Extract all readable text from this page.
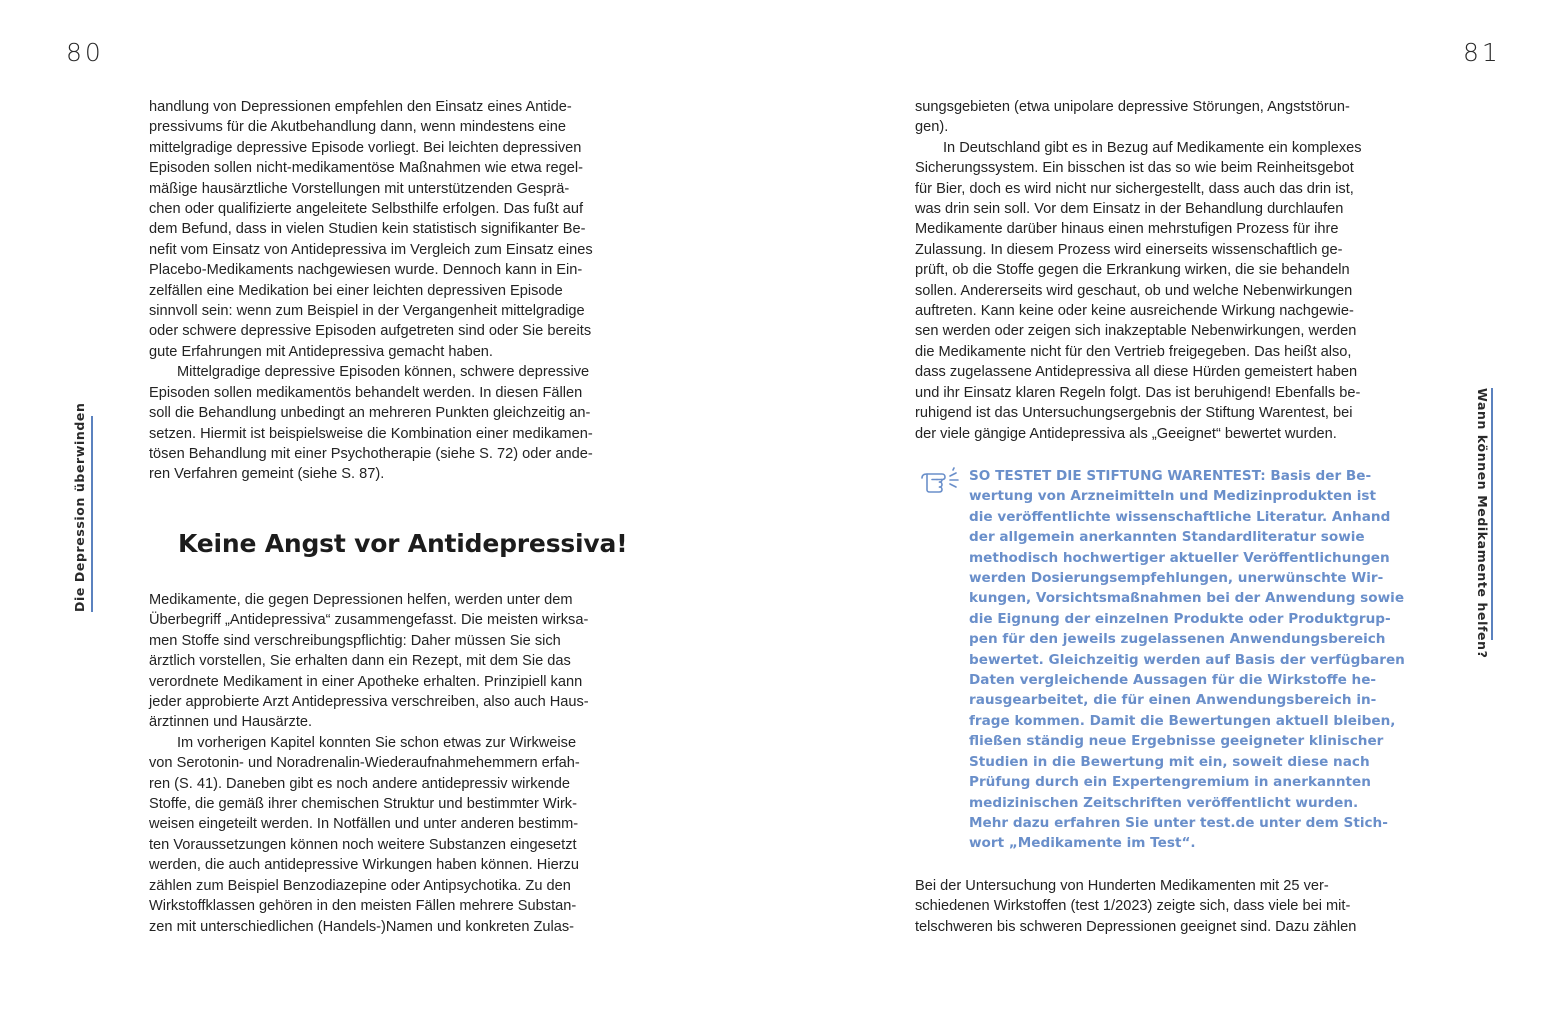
80	81
Die Depression überwinden	Wann können Medikamente helfen?
handlung von Depressionen empfehlen den Einsatz eines Antide-
pressivums für die Akutbehandlung dann, wenn mindestens eine
mittelgradige depressive Episode vorliegt. Bei leichten depressiven
Episoden sollen nicht-medikamentöse Maßnahmen wie etwa regel-
mäßige hausärztliche Vorstellungen mit unterstützenden Gesprä-
chen oder qualifizierte angeleitete Selbsthilfe erfolgen. Das fußt auf
dem Befund, dass in vielen Studien kein statistisch signifikanter Be-
nefit vom Einsatz von Antidepressiva im Vergleich zum Einsatz eines
Placebo-Medikaments nachgewiesen wurde. Dennoch kann in Ein-
zelfällen eine Medikation bei einer leichten depressiven Episode
sinnvoll sein: wenn zum Beispiel in der Vergangenheit mittelgradige
oder schwere depressive Episoden aufgetreten sind oder Sie bereits
gute Erfahrungen mit Antidepressiva gemacht haben.
Mittelgradige depressive Episoden können, schwere depressive
Episoden sollen medikamentös behandelt werden. In diesen Fällen
soll die Behandlung unbedingt an mehreren Punkten gleichzeitig an-
setzen. Hiermit ist beispielsweise die Kombination einer medikamen-
tösen Behandlung mit einer Psychotherapie (siehe S. 72) oder ande-
ren Verfahren gemeint (siehe S. 87).
Keine Angst vor Antidepressiva!
Medikamente, die gegen Depressionen helfen, werden unter dem
Überbegriff „Antidepressiva“ zusammengefasst. Die meisten wirksa-
men Stoffe sind verschreibungspflichtig: Daher müssen Sie sich
ärztlich vorstellen, Sie erhalten dann ein Rezept, mit dem Sie das
verordnete Medikament in einer Apotheke erhalten. Prinzipiell kann
jeder approbierte Arzt Antidepressiva verschreiben, also auch Haus-
ärztinnen und Hausärzte.
Im vorherigen Kapitel konnten Sie schon etwas zur Wirkweise
von Serotonin- und Noradrenalin-Wiederaufnahmehemmern erfah-
ren (S. 41). Daneben gibt es noch andere antidepressiv wirkende
Stoffe, die gemäß ihrer chemischen Struktur und bestimmter Wirk-
weisen eingeteilt werden. In Notfällen und unter anderen bestimm-
ten Voraussetzungen können noch weitere Substanzen eingesetzt
werden, die auch antidepressive Wirkungen haben können. Hierzu
zählen zum Beispiel Benzodiazepine oder Antipsychotika. Zu den
Wirkstoffklassen gehören in den meisten Fällen mehrere Substan-
zen mit unterschiedlichen (Handels-)Namen und konkreten Zulas-
sungsgebieten (etwa unipolare depressive Störungen, Angststörun-
gen).
In Deutschland gibt es in Bezug auf Medikamente ein komplexes
Sicherungssystem. Ein bisschen ist das so wie beim Reinheitsgebot
für Bier, doch es wird nicht nur sichergestellt, dass auch das drin ist,
was drin sein soll. Vor dem Einsatz in der Behandlung durchlaufen
Medikamente darüber hinaus einen mehrstufigen Prozess für ihre
Zulassung. In diesem Prozess wird einerseits wissenschaftlich ge-
prüft, ob die Stoffe gegen die Erkrankung wirken, die sie behandeln
sollen. Andererseits wird geschaut, ob und welche Nebenwirkungen
auftreten. Kann keine oder keine ausreichende Wirkung nachgewie-
sen werden oder zeigen sich inakzeptable Nebenwirkungen, werden
die Medikamente nicht für den Vertrieb freigegeben. Das heißt also,
dass zugelassene Antidepressiva all diese Hürden gemeistert haben
und ihr Einsatz klaren Regeln folgt. Das ist beruhigend! Ebenfalls be-
ruhigend ist das Untersuchungsergebnis der Stiftung Warentest, bei
der viele gängige Antidepressiva als „Geeignet“ bewertet wurden.
SO TESTET DIE STIFTUNG WARENTEST: Basis der Be-
wertung von Arzneimitteln und Medizinprodukten ist
die veröffentlichte wissenschaftliche Literatur. Anhand
der allgemein anerkannten Standardliteratur sowie
methodisch hochwertiger aktueller Veröffentlichungen
werden Dosierungsempfehlungen, unerwünschte Wir-
kungen, Vorsichtsmaßnahmen bei der Anwendung sowie
die Eignung der einzelnen Produkte oder Produktgrup-
pen für den jeweils zugelassenen Anwendungsbereich
bewertet. Gleichzeitig werden auf Basis der verfügbaren
Daten vergleichende Aussagen für die Wirkstoffe he-
rausgearbeitet, die für einen Anwendungsbereich in-
frage kommen. Damit die Bewertungen aktuell bleiben,
fließen ständig neue Ergebnisse geeigneter klinischer
Studien in die Bewertung mit ein, soweit diese nach
Prüfung durch ein Expertengremium in anerkannten
medizinischen Zeitschriften veröffentlicht wurden.
Mehr dazu erfahren Sie unter test.de unter dem Stich-
wort „Medikamente im Test“.
Bei der Untersuchung von Hunderten Medikamenten mit 25 ver-
schiedenen Wirkstoffen (test 1/2023) zeigte sich, dass viele bei mit-
telschweren bis schweren Depressionen geeignet sind. Dazu zählen
